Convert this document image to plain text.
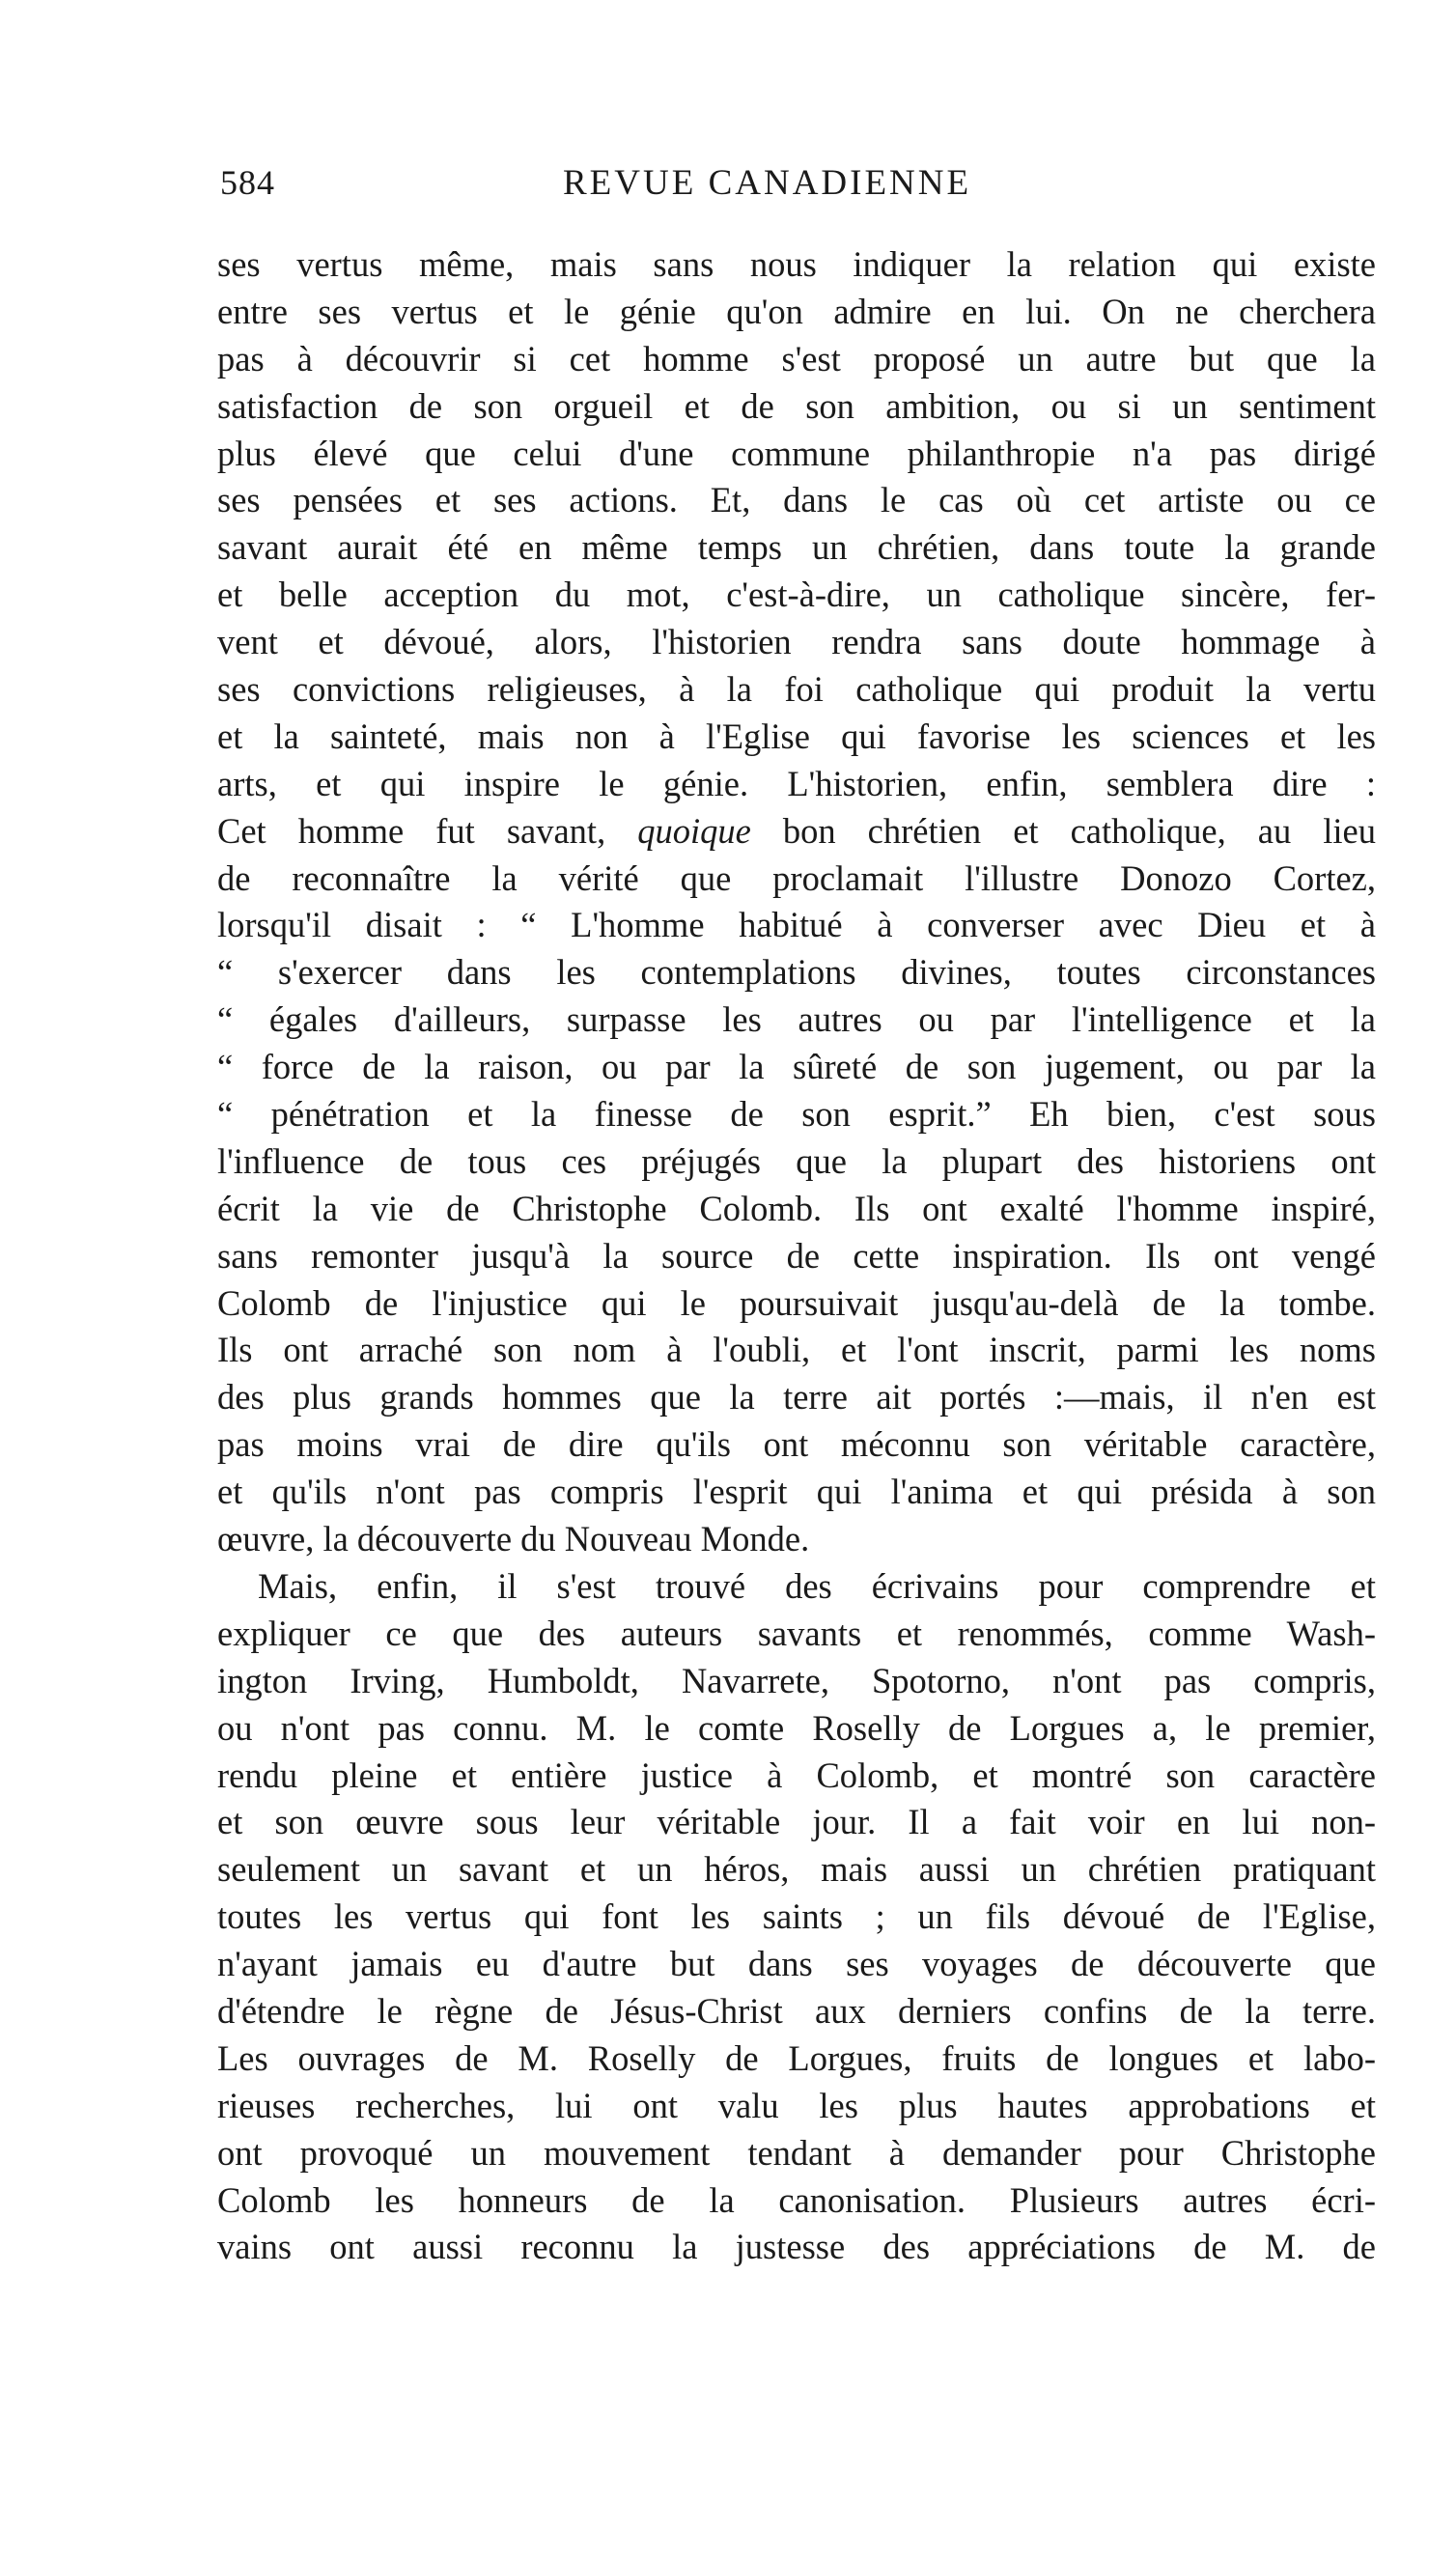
584	REVUE CANADIENNE
ses vertus même, mais sans nous indiquer la relation qui existe
entre ses vertus et le génie qu'on admire en lui. On ne cherchera
pas à découvrir si cet homme s'est proposé un autre but que la
satisfaction de son orgueil et de son ambition, ou si un sentiment
plus élevé que celui d'une commune philanthropie n'a pas dirigé
ses pensées et ses actions. Et, dans le cas où cet artiste ou ce
savant aurait été en même temps un chrétien, dans toute la grande
et belle acception du mot, c'est-à-dire, un catholique sincère, fer-
vent et dévoué, alors, l'historien rendra sans doute hommage à
ses convictions religieuses, à la foi catholique qui produit la vertu
et la sainteté, mais non à l'Eglise qui favorise les sciences et les
arts, et qui inspire le génie. L'historien, enfin, semblera dire :
Cet homme fut savant, quoique bon chrétien et catholique, au lieu
de reconnaître la vérité que proclamait l'illustre Donozo Cortez,
lorsqu'il disait : “ L'homme habitué à converser avec Dieu et à
“ s'exercer dans les contemplations divines, toutes circonstances
“ égales d'ailleurs, surpasse les autres ou par l'intelligence et la
“ force de la raison, ou par la sûreté de son jugement, ou par la
“ pénétration et la finesse de son esprit.” Eh bien, c'est sous
l'influence de tous ces préjugés que la plupart des historiens ont
écrit la vie de Christophe Colomb. Ils ont exalté l'homme inspiré,
sans remonter jusqu'à la source de cette inspiration. Ils ont vengé
Colomb de l'injustice qui le poursuivait jusqu'au-delà de la tombe.
Ils ont arraché son nom à l'oubli, et l'ont inscrit, parmi les noms
des plus grands hommes que la terre ait portés :—mais, il n'en est
pas moins vrai de dire qu'ils ont méconnu son véritable caractère,
et qu'ils n'ont pas compris l'esprit qui l'anima et qui présida à son
œuvre, la découverte du Nouveau Monde.
Mais, enfin, il s'est trouvé des écrivains pour comprendre et
expliquer ce que des auteurs savants et renommés, comme Wash-
ington Irving, Humboldt, Navarrete, Spotorno, n'ont pas compris,
ou n'ont pas connu. M. le comte Roselly de Lorgues a, le premier,
rendu pleine et entière justice à Colomb, et montré son caractère
et son œuvre sous leur véritable jour. Il a fait voir en lui non-
seulement un savant et un héros, mais aussi un chrétien pratiquant
toutes les vertus qui font les saints ; un fils dévoué de l'Eglise,
n'ayant jamais eu d'autre but dans ses voyages de découverte que
d'étendre le règne de Jésus-Christ aux derniers confins de la terre.
Les ouvrages de M. Roselly de Lorgues, fruits de longues et labo-
rieuses recherches, lui ont valu les plus hautes approbations et
ont provoqué un mouvement tendant à demander pour Christophe
Colomb les honneurs de la canonisation. Plusieurs autres écri-
vains ont aussi reconnu la justesse des appréciations de M. de
